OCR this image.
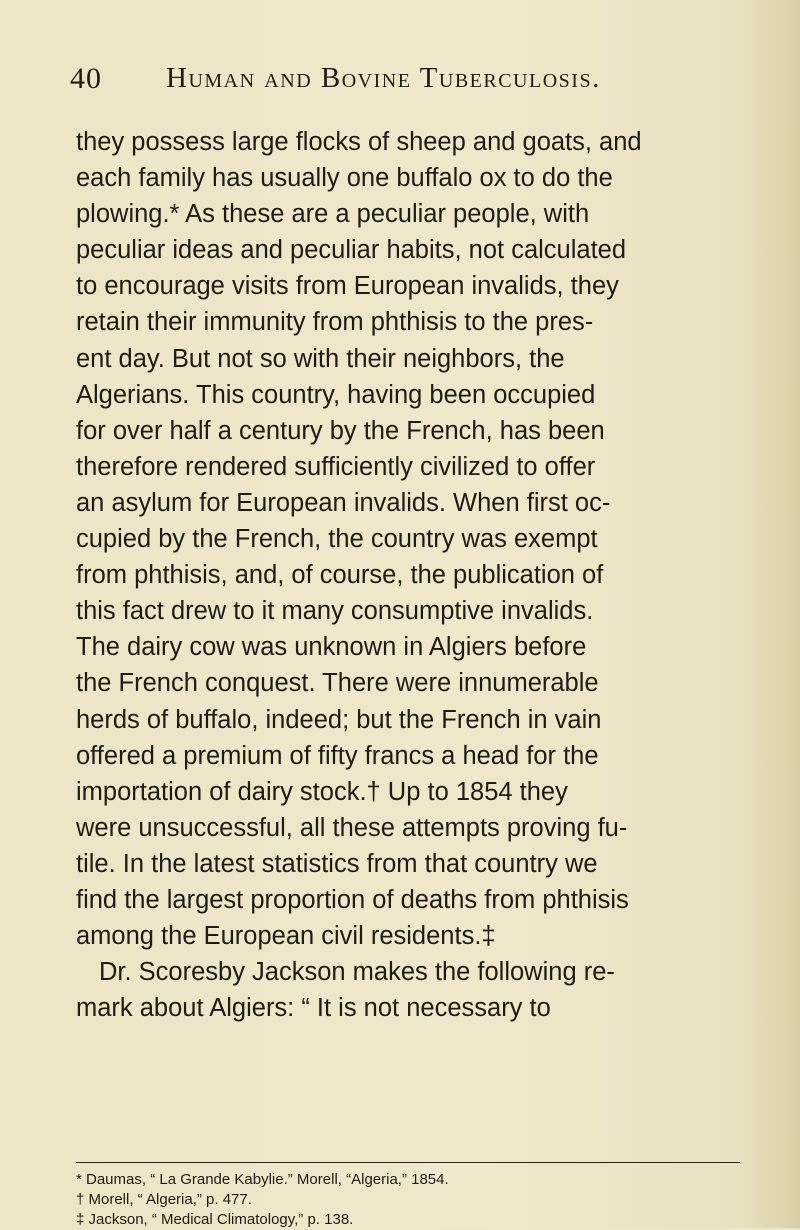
40 Human and Bovine Tuberculosis.
they possess large flocks of sheep and goats, and
each family has usually one buffalo ox to do the
plowing.* As these are a peculiar people, with
peculiar ideas and peculiar habits, not calculated
to encourage visits from European invalids, they
retain their immunity from phthisis to the pres-
ent day. But not so with their neighbors, the
Algerians. This country, having been occupied
for over half a century by the French, has been
therefore rendered sufficiently civilized to offer
an asylum for European invalids. When first oc-
cupied by the French, the country was exempt
from phthisis, and, of course, the publication of
this fact drew to it many consumptive invalids.
The dairy cow was unknown in Algiers before
the French conquest. There were innumerable
herds of buffalo, indeed; but the French in vain
offered a premium of fifty francs a head for the
importation of dairy stock.† Up to 1854 they
were unsuccessful, all these attempts proving fu-
tile. In the latest statistics from that country we
find the largest proportion of deaths from phthisis
among the European civil residents.‡
Dr. Scoresby Jackson makes the following re-
mark about Algiers: “ It is not necessary to
* Daumas, “ La Grande Kabylie.” Morell, “Algeria,” 1854.
† Morell, “ Algeria,” p. 477.
‡ Jackson, “ Medical Climatology,” p. 138.
